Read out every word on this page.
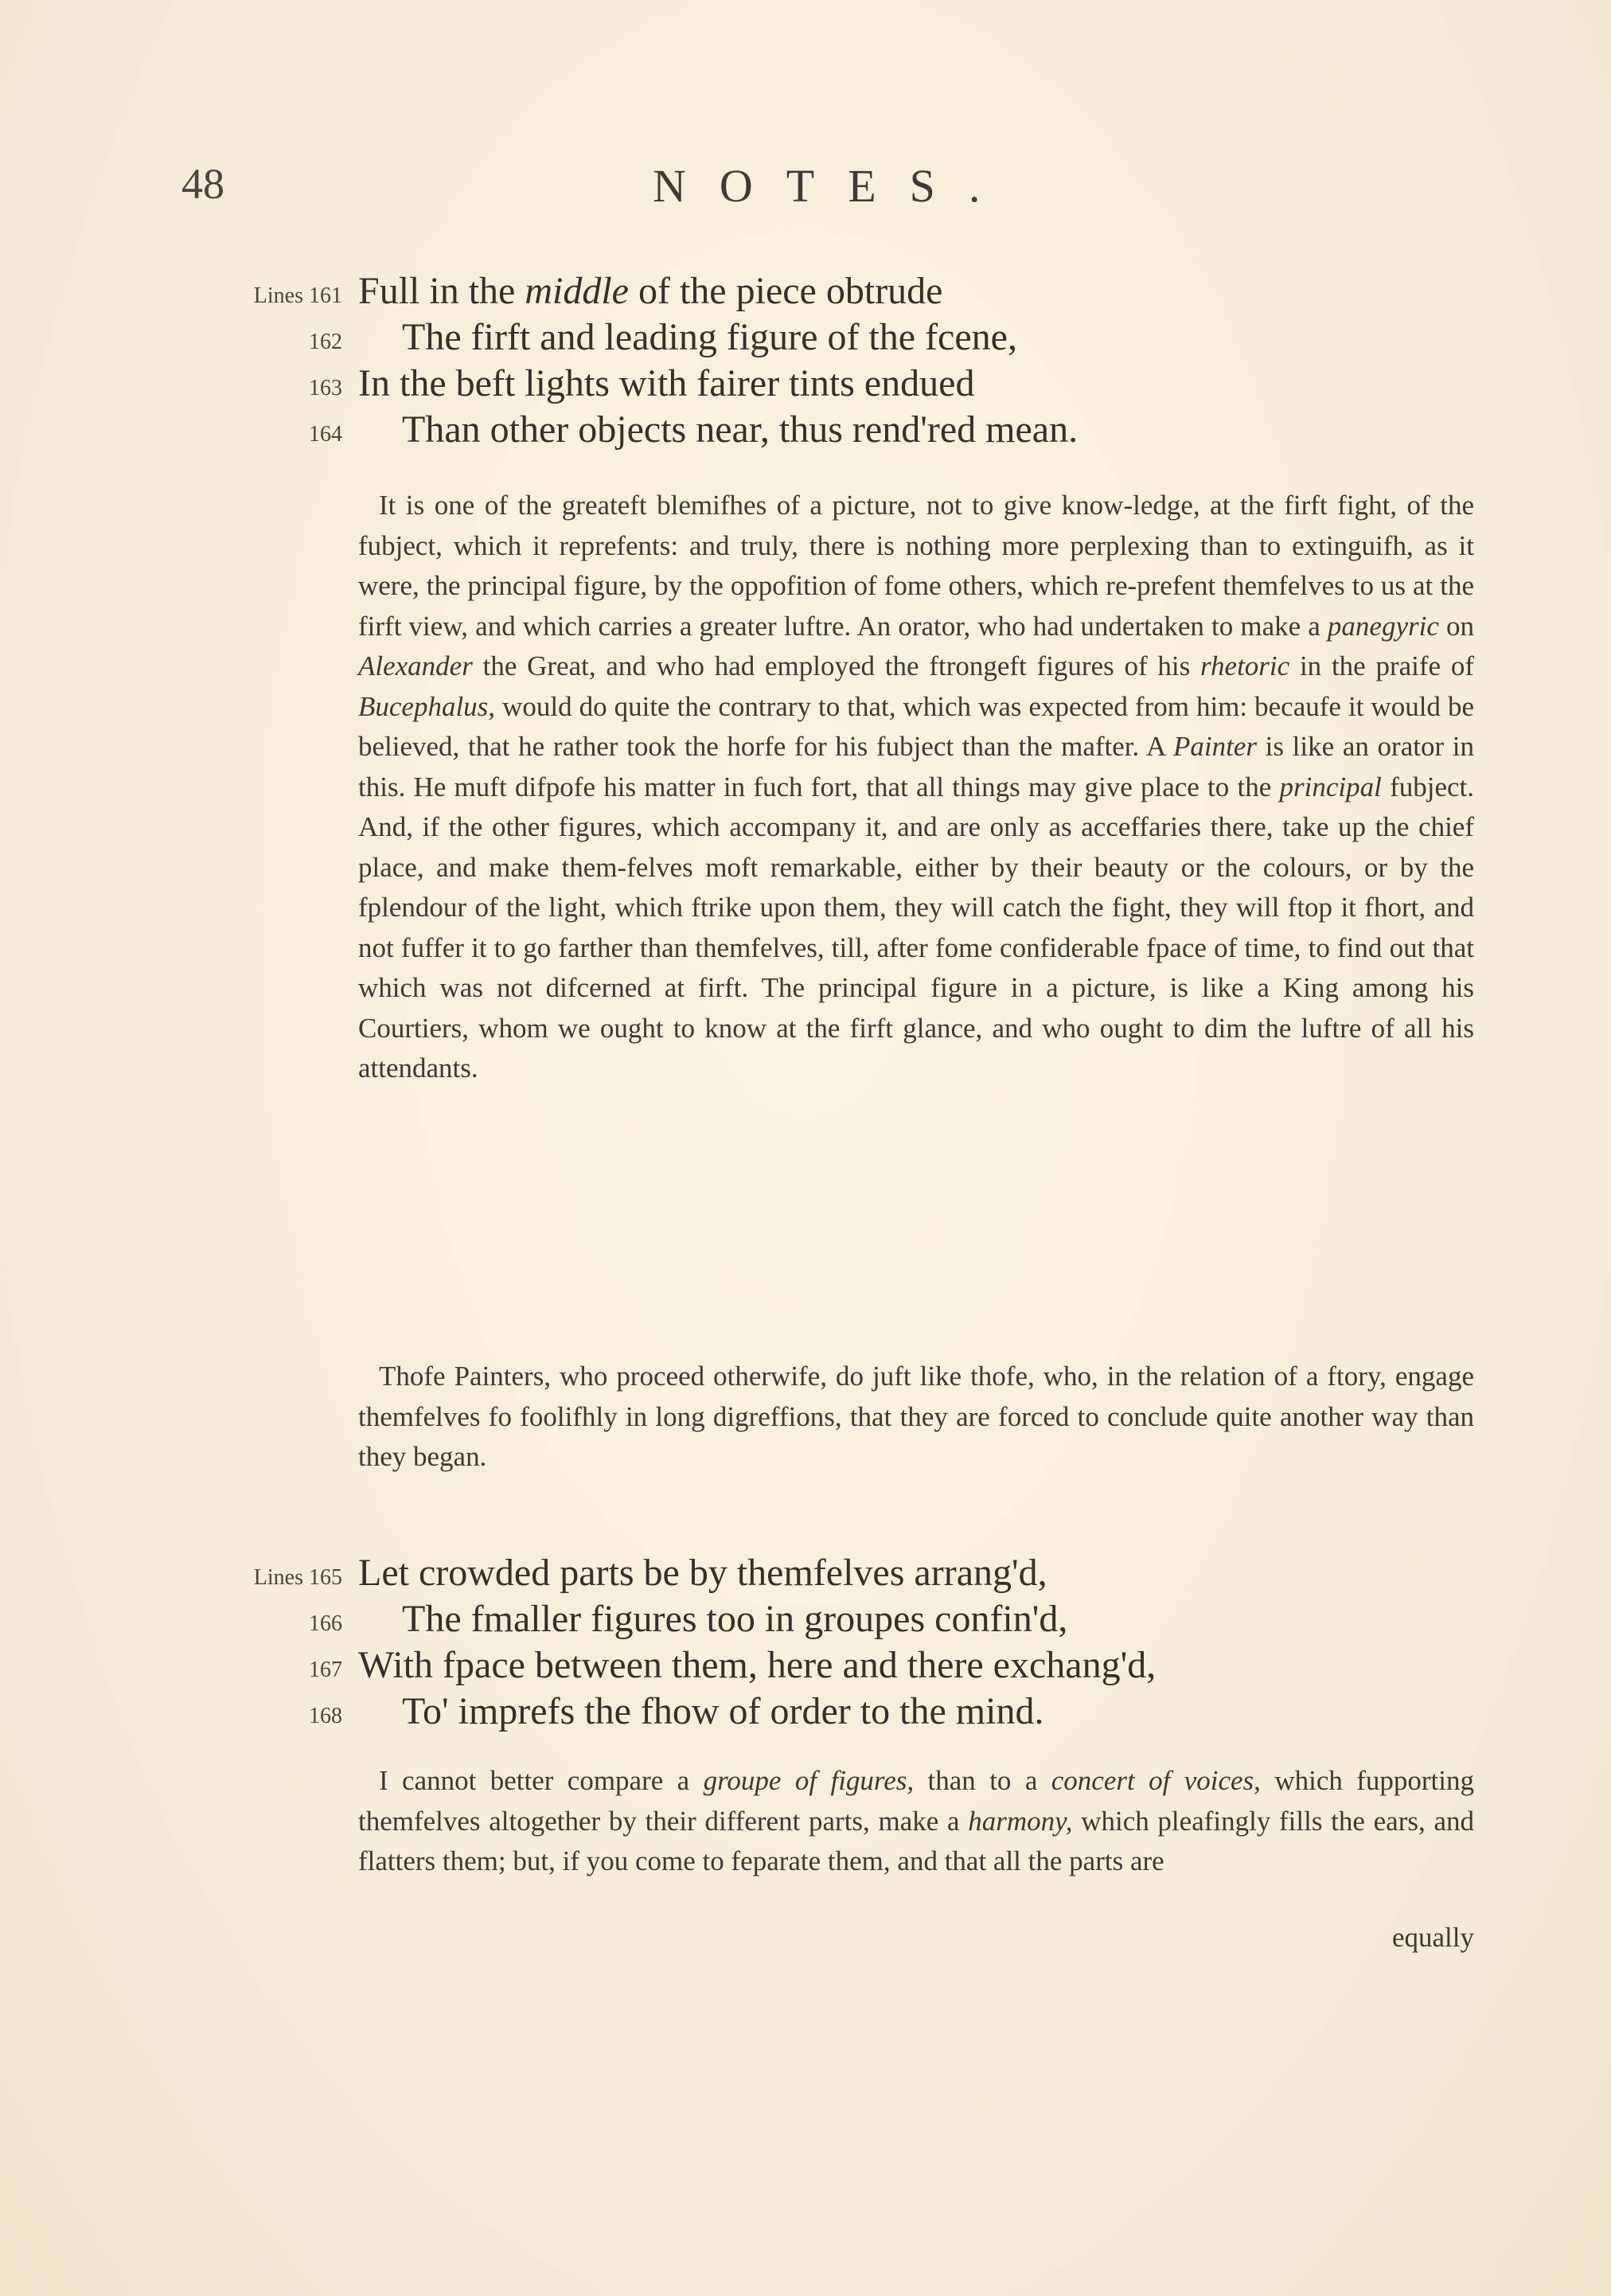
48	NOTES.
Lines 161 Full in the middle of the piece obtrude
162 The firft and leading figure of the fcene,
163 In the beft lights with fairer tints endued
164 Than other objects near, thus rend'red mean.

It is one of the greateft blemifhes of a picture, not to give know-ledge, at the firft fight, of the fubject, which it reprefents: and truly, there is nothing more perplexing than to extinguifh, as it were, the principal figure, by the oppofition of fome others, which re-prefent themfelves to us at the firft view, and which carries a greater luftre. An orator, who had undertaken to make a panegyric on Alexander the Great, and who had employed the ftrongeft figures of his rhetoric in the praife of Bucephalus, would do quite the contrary to that, which was expected from him: becaufe it would be believed, that he rather took the horfe for his fubject than the mafter. A Painter is like an orator in this. He muft difpofe his matter in fuch fort, that all things may give place to the principal fubject. And, if the other figures, which accompany it, and are only as acceffaries there, take up the chief place, and make them-felves moft remarkable, either by their beauty or the colours, or by the fplendour of the light, which ftrike upon them, they will catch the fight, they will ftop it fhort, and not fuffer it to go farther than themfelves, till, after fome confiderable fpace of time, to find out that which was not difcerned at firft. The principal figure in a picture, is like a King among his Courtiers, whom we ought to know at the firft glance, and who ought to dim the luftre of all his attendants.

Thofe Painters, who proceed otherwife, do juft like thofe, who, in the relation of a ftory, engage themfelves fo foolifhly in long digreffions, that they are forced to conclude quite another way than they began.

Lines 165 Let crowded parts be by themfelves arrang'd,
166 The fmaller figures too in groupes confin'd,
167 With fpace between them, here and there exchang'd,
168 To' imprefs the fhow of order to the mind.

I cannot better compare a groupe of figures, than to a concert of voices, which fupporting themfelves altogether by their different parts, make a harmony, which pleafingly fills the ears, and flatters them; but, if you come to feparate them, and that all the parts are

equally
